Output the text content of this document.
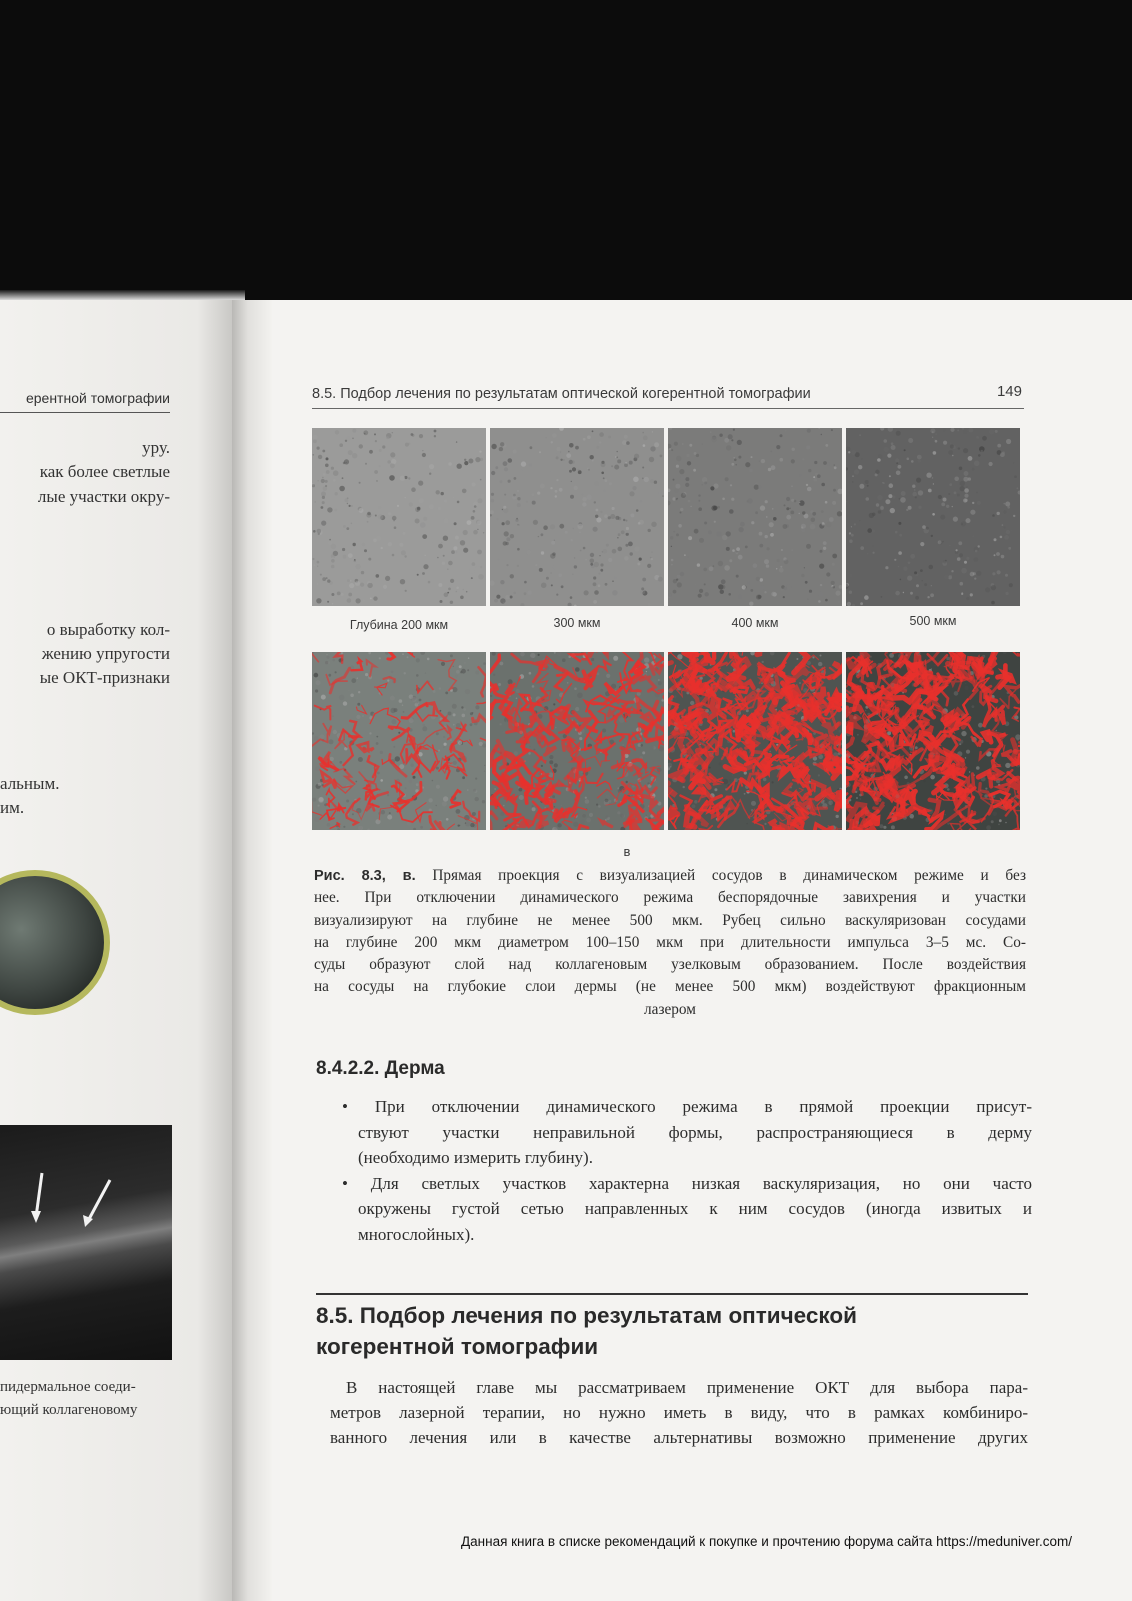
ерентной томографии
уру.
как более светлые
лые участки окру-
о выработку кол-
жению упругости
ые ОКТ-признаки
альным.
им.
пидермальное соеди-
ющий коллагеновому
8.5. Подбор лечения по результатам оптической когерентной томографии	149
Глубина 200 мкм	300 мкм	400 мкм	500 мкм
в
Рис. 8.3, в. Прямая проекция с визуализацией сосудов в динамическом режиме и без
нее. При отключении динамического режима беспорядочные завихрения и участки
визуализируют на глубине не менее 500 мкм. Рубец сильно васкуляризован сосудами
на глубине 200 мкм диаметром 100–150 мкм при длительности импульса 3–5 мс. Со-
суды образуют слой над коллагеновым узелковым образованием. После воздействия
на сосуды на глубокие слои дермы (не менее 500 мкм) воздействуют фракционным
лазером
8.4.2.2. Дерма
• При отключении динамического режима в прямой проекции присут-
ствуют участки неправильной формы, распространяющиеся в дерму
(необходимо измерить глубину).
• Для светлых участков характерна низкая васкуляризация, но они часто
окружены густой сетью направленных к ним сосудов (иногда извитых и
многослойных).
8.5. Подбор лечения по результатам оптической
когерентной томографии
В настоящей главе мы рассматриваем применение ОКТ для выбора пара-
метров лазерной терапии, но нужно иметь в виду, что в рамках комбиниро-
ванного лечения или в качестве альтернативы возможно применение других
Данная книга в списке рекомендаций к покупке и прочтению форума сайта https://meduniver.com/
